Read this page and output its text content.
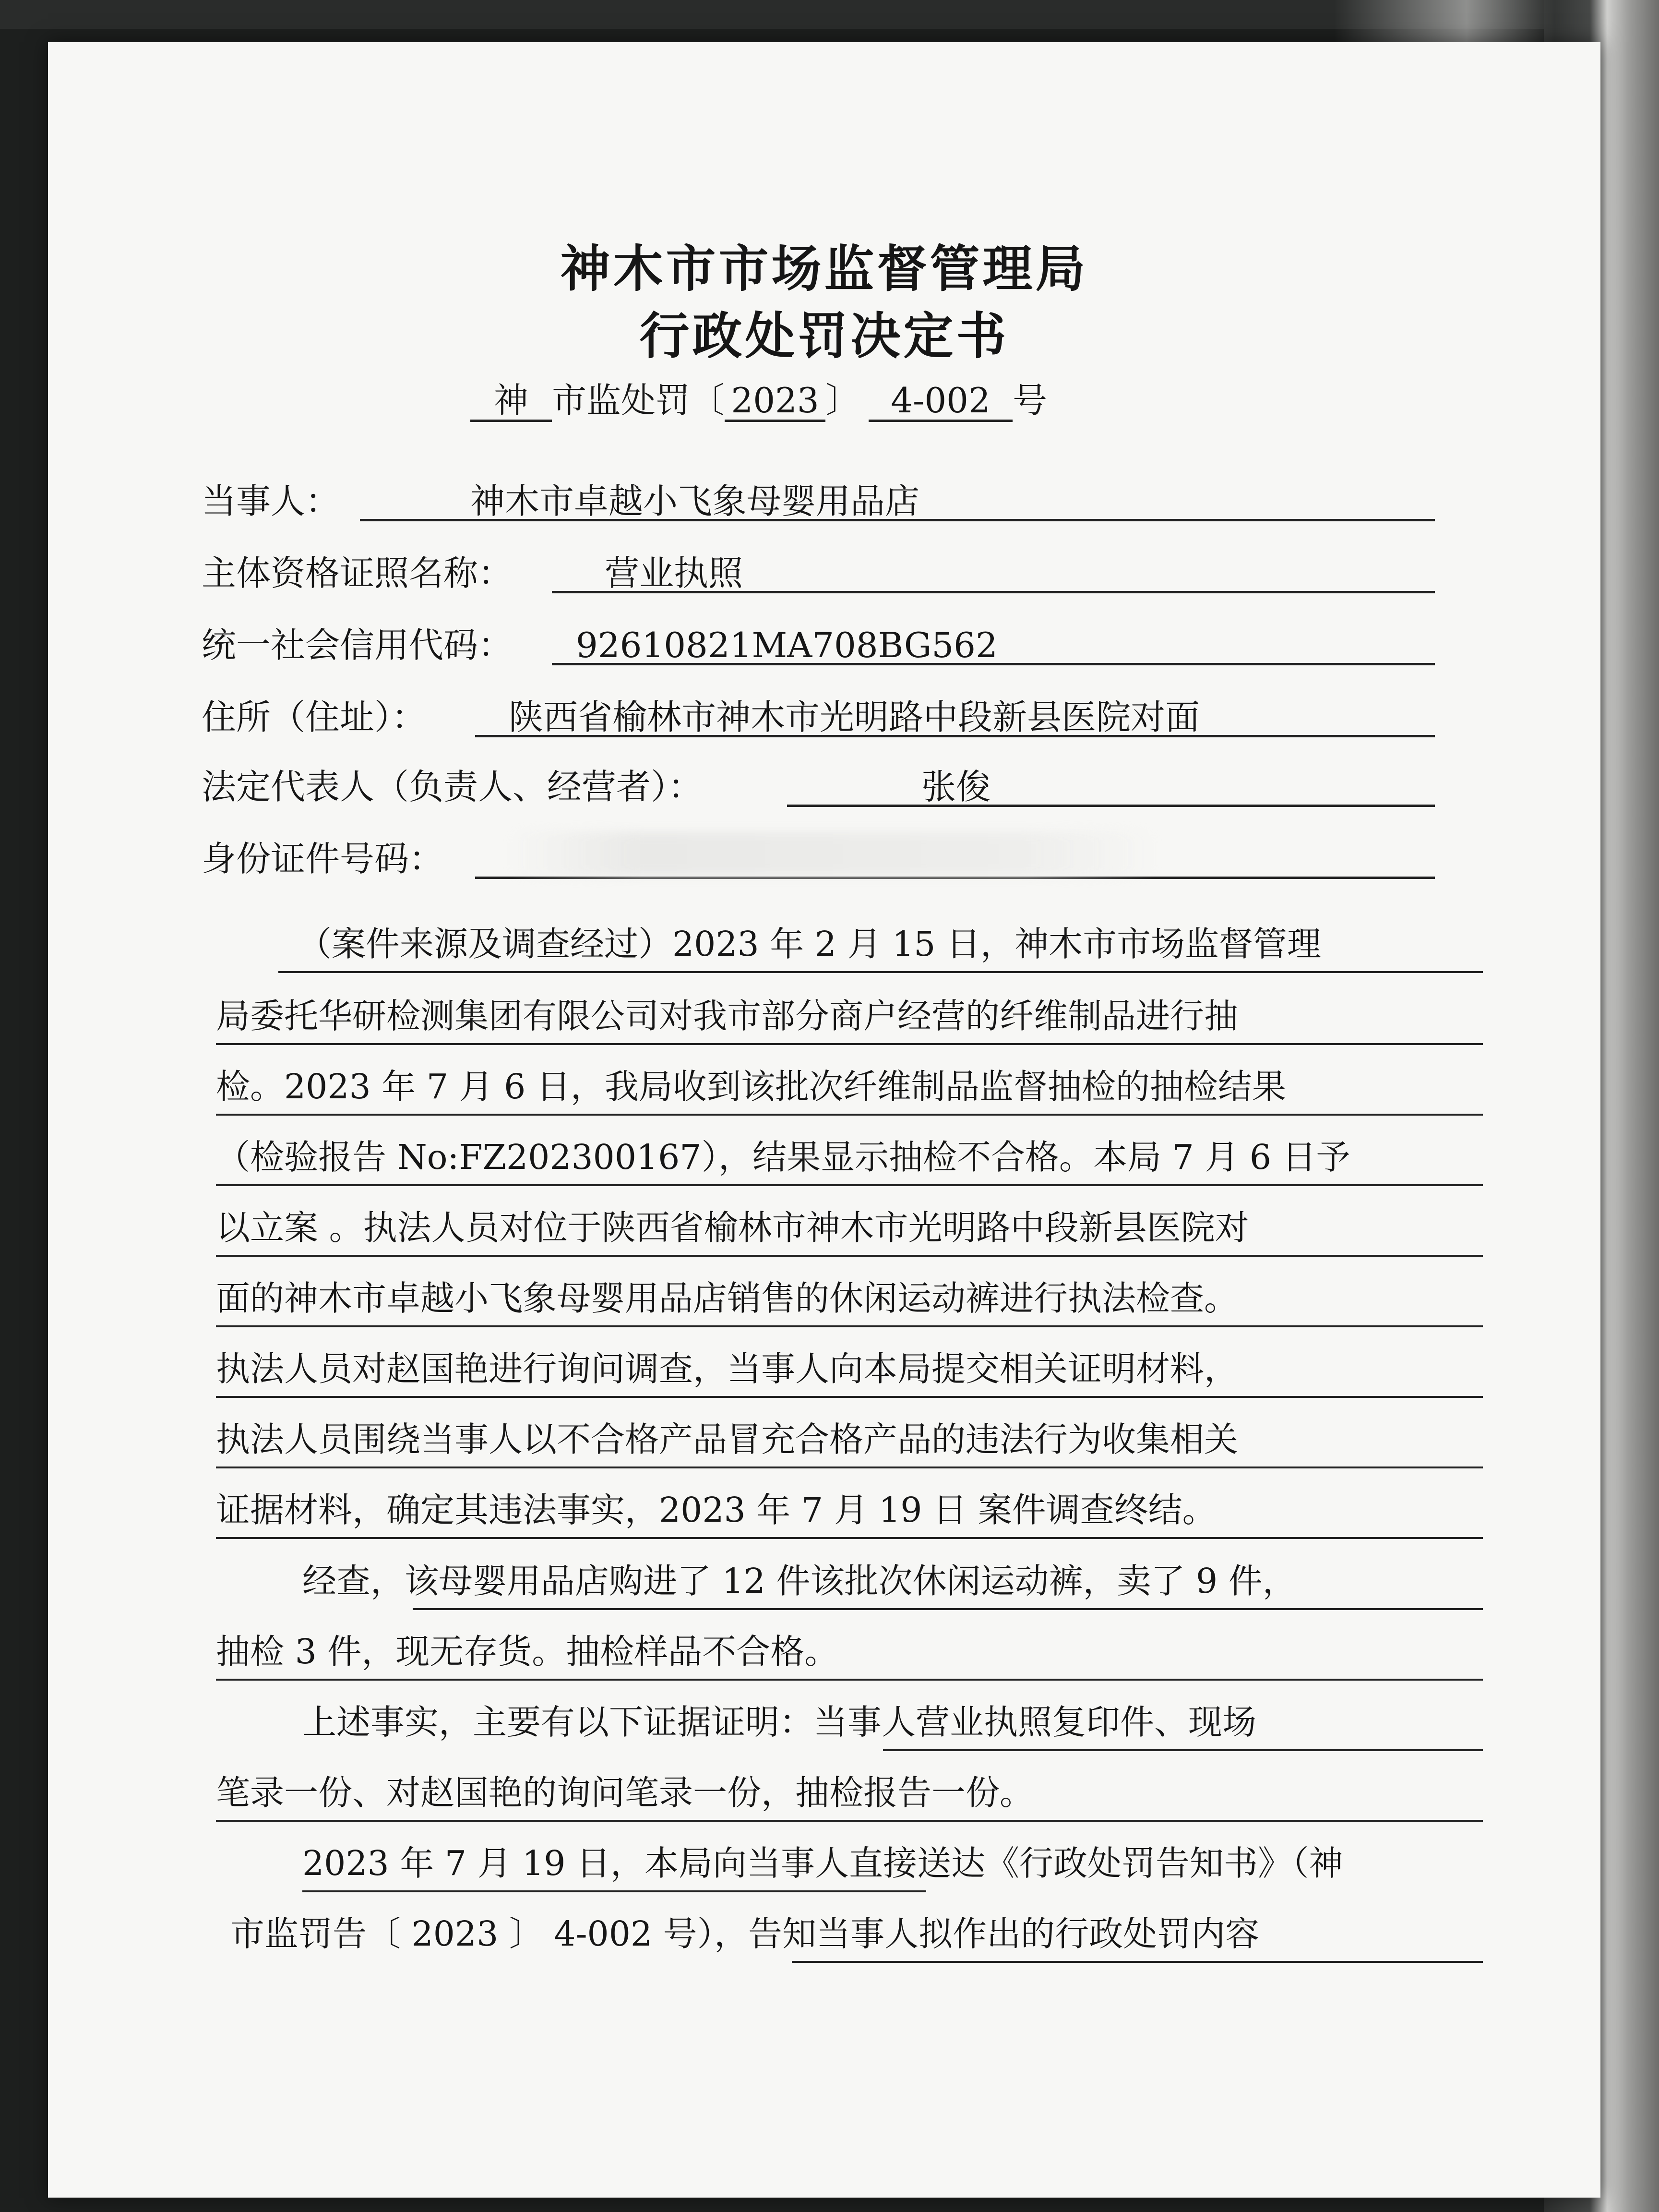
神木市市场监督管理局
行政处罚决定书
神 市监处罚〔 2023 〕 4-002 号
当事人：	神木市卓越小飞象母婴用品店
主体资格证照名称：	营业执照
统一社会信用代码： 92610821MA708BG562
住所（住址）： 陕西省榆林市神木市光明路中段新县医院对面
法定代表人（负责人、经营者）：	张俊
身份证件号码：
（案件来源及调查经过）2023 年 2 月 15 日，神木市市场监督管理
局委托华研检测集团有限公司对我市部分商户经营的纤维制品进行抽
检。2023 年 7 月 6 日，我局收到该批次纤维制品监督抽检的抽检结果
（检验报告 No:FZ202300167），结果显示抽检不合格。本局 7 月 6 日予
以立案 。执法人员对位于陕西省榆林市神木市光明路中段新县医院对
面的神木市卓越小飞象母婴用品店销售的休闲运动裤进行执法检查。
执法人员对赵国艳进行询问调查，当事人向本局提交相关证明材料，
执法人员围绕当事人以不合格产品冒充合格产品的违法行为收集相关
证据材料，确定其违法事实，2023 年 7 月 19 日 案件调查终结。
经查，该母婴用品店购进了 12 件该批次休闲运动裤，卖了 9 件，
抽检 3 件，现无存货。抽检样品不合格。
上述事实，主要有以下证据证明：当事人营业执照复印件、现场
笔录一份、对赵国艳的询问笔录一份，抽检报告一份。
2023 年 7 月 19 日，本局向当事人直接送达《行政处罚告知书》（神
市监罚告〔 2023 〕 4-002 号），告知当事人拟作出的行政处罚内容
